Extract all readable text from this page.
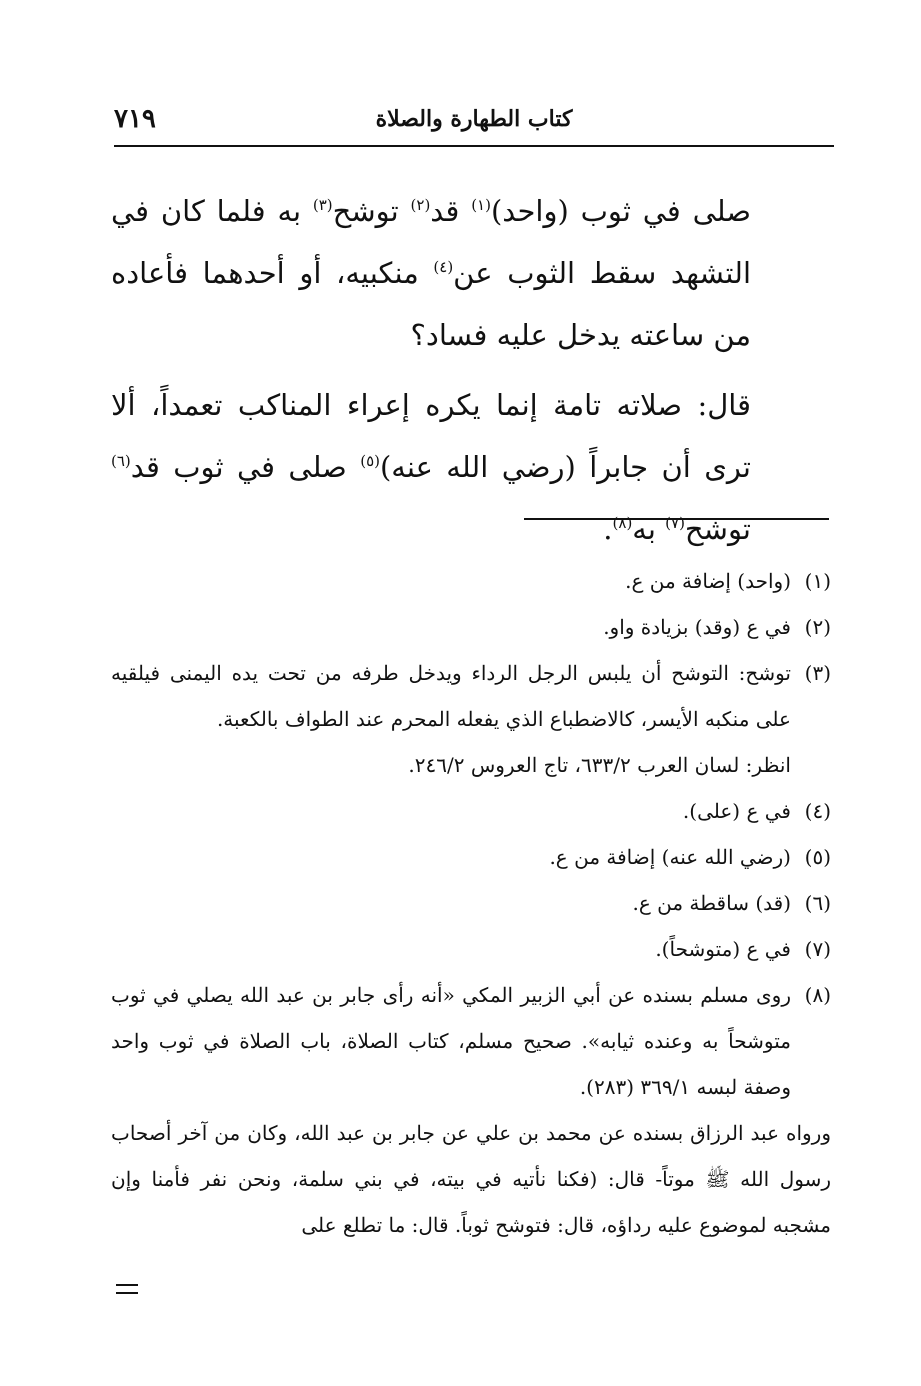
٧١٩	كتاب الطهارة والصلاة

صلى في ثوب (واحد)$^{(١)}$ قد$^{(٢)}$ توشح$^{(٣)}$ به فلما كان في التشهد سقط الثوب عن$^{(٤)}$ منكبيه، أو أحدهما فأعاده من ساعته يدخل عليه فساد؟

قال: صلاته تامة إنما يكره إعراء المناكب تعمداً، ألا ترى أن جابراً (رضي الله عنه)$^{(٥)}$ صلى في ثوب قد$^{(٦)}$ توشح$^{(٧)}$ به$^{(٨)}$.

(١)
(واحد) إضافة من ع.

(٢)
في ع (وقد) بزيادة واو.

(٣)
توشح: التوشح أن يلبس الرجل الرداء ويدخل طرفه من تحت يده اليمنى فيلقيه على منكبه الأيسر، كالاضطباع الذي يفعله المحرم عند الطواف بالكعبة.

انظر: لسان العرب ٦٣٣/٢، تاج العروس ٢٤٦/٢.

(٤)
في ع (على).

(٥)
(رضي الله عنه) إضافة من ع.

(٦)
(قد) ساقطة من ع.

(٧)
في ع (متوشحاً).

(٨)
روى مسلم بسنده عن أبي الزبير المكي «أنه رأى جابر بن عبد الله يصلي في ثوب متوشحاً به وعنده ثيابه». صحيح مسلم، كتاب الصلاة، باب الصلاة في ثوب واحد وصفة لبسه ٣٦٩/١ (٢٨٣).

ورواه عبد الرزاق بسنده عن محمد بن علي عن جابر بن عبد الله، وكان من آخر أصحاب رسول الله ﷺ موتاً- قال: (فكنا نأتيه في بيته، في بني سلمة، ونحن نفر فأمنا وإن مشجبه لموضوع عليه رداؤه، قال: فتوشح ثوباً. قال: ما تطلع على
